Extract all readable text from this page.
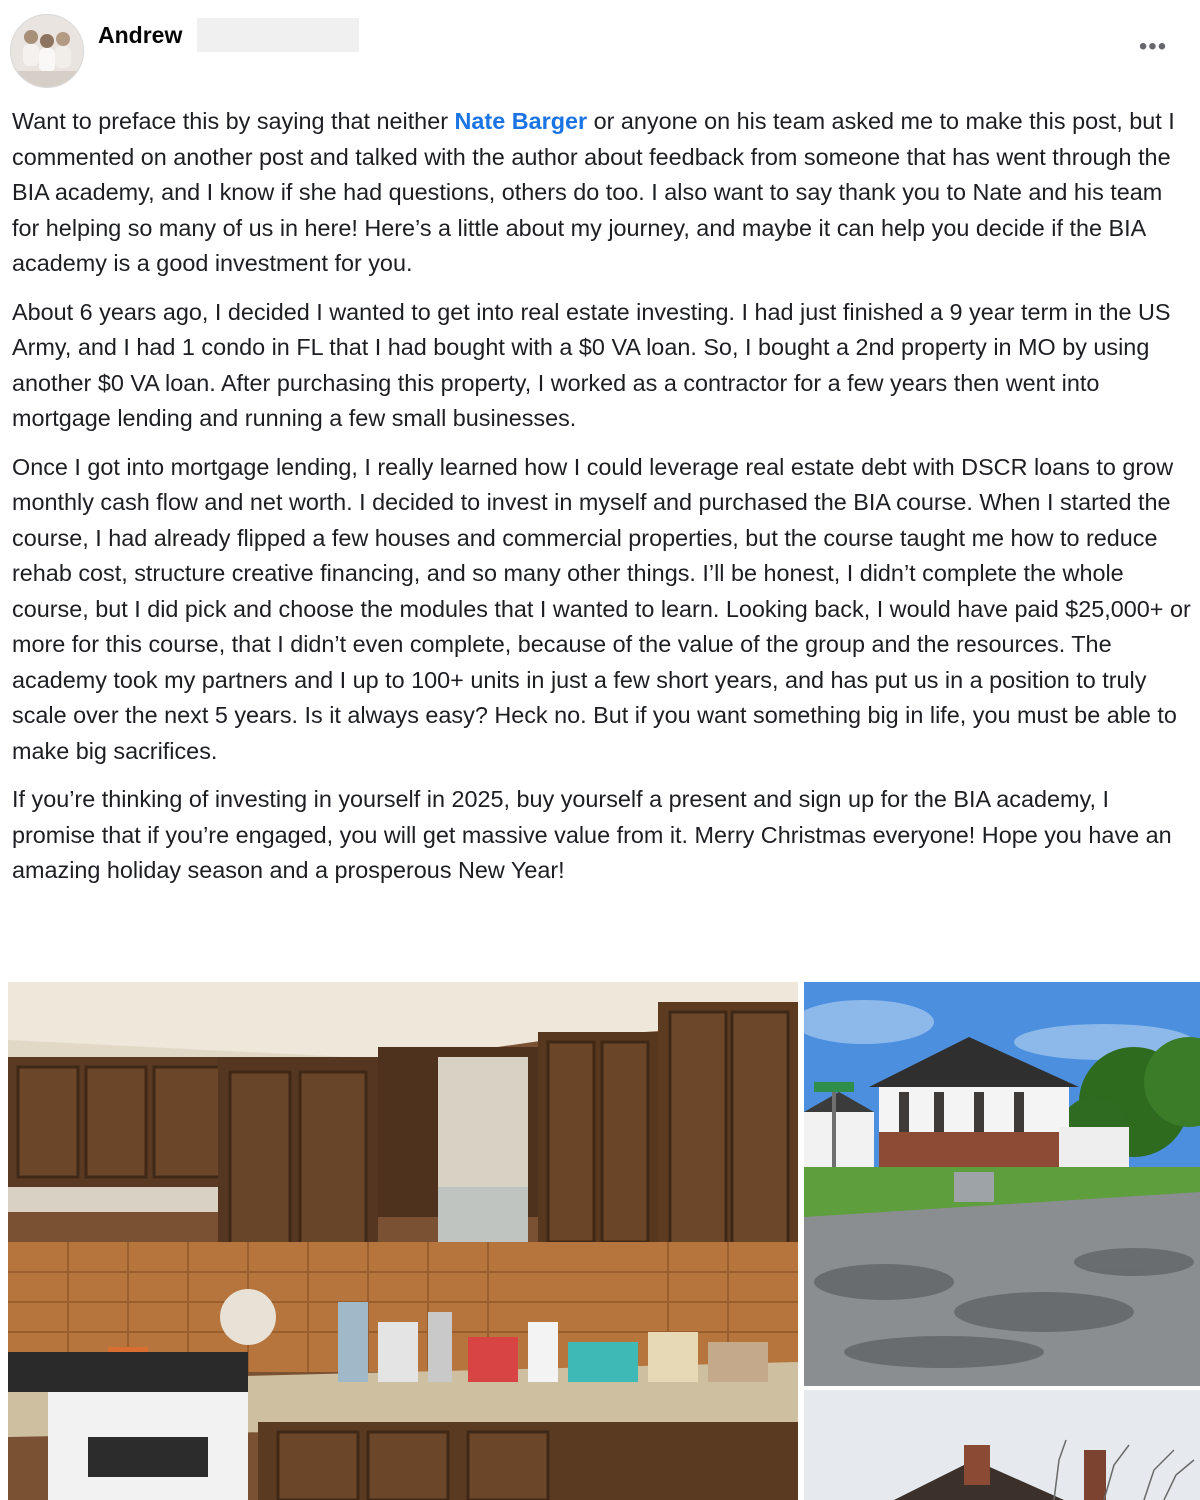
Andrew	•••

Want to preface this by saying that neither Nate Barger or anyone on his team asked me to make this post, but I commented on another post and talked with the author about feedback from someone that has went through the BIA academy, and I know if she had questions, others do too. I also want to say thank you to Nate and his team for helping so many of us in here! Here’s a little about my journey, and maybe it can help you decide if the BIA academy is a good investment for you.

About 6 years ago, I decided I wanted to get into real estate investing. I had just finished a 9 year term in the US Army, and I had 1 condo in FL that I had bought with a $0 VA loan. So, I bought a 2nd property in MO by using another $0 VA loan. After purchasing this property, I worked as a contractor for a few years then went into mortgage lending and running a few small businesses.

Once I got into mortgage lending, I really learned how I could leverage real estate debt with DSCR loans to grow monthly cash flow and net worth. I decided to invest in myself and purchased the BIA course. When I started the course, I had already flipped a few houses and commercial properties, but the course taught me how to reduce rehab cost, structure creative financing, and so many other things. I’ll be honest, I didn’t complete the whole course, but I did pick and choose the modules that I wanted to learn. Looking back, I would have paid $25,000+ or more for this course, that I didn’t even complete, because of the value of the group and the resources. The academy took my partners and I up to 100+ units in just a few short years, and has put us in a position to truly scale over the next 5 years. Is it always easy? Heck no. But if you want something big in life, you must be able to make big sacrifices.

If you’re thinking of investing in yourself in 2025, buy yourself a present and sign up for the BIA academy, I promise that if you’re engaged, you will get massive value from it. Merry Christmas everyone! Hope you have an amazing holiday season and a prosperous New Year!
